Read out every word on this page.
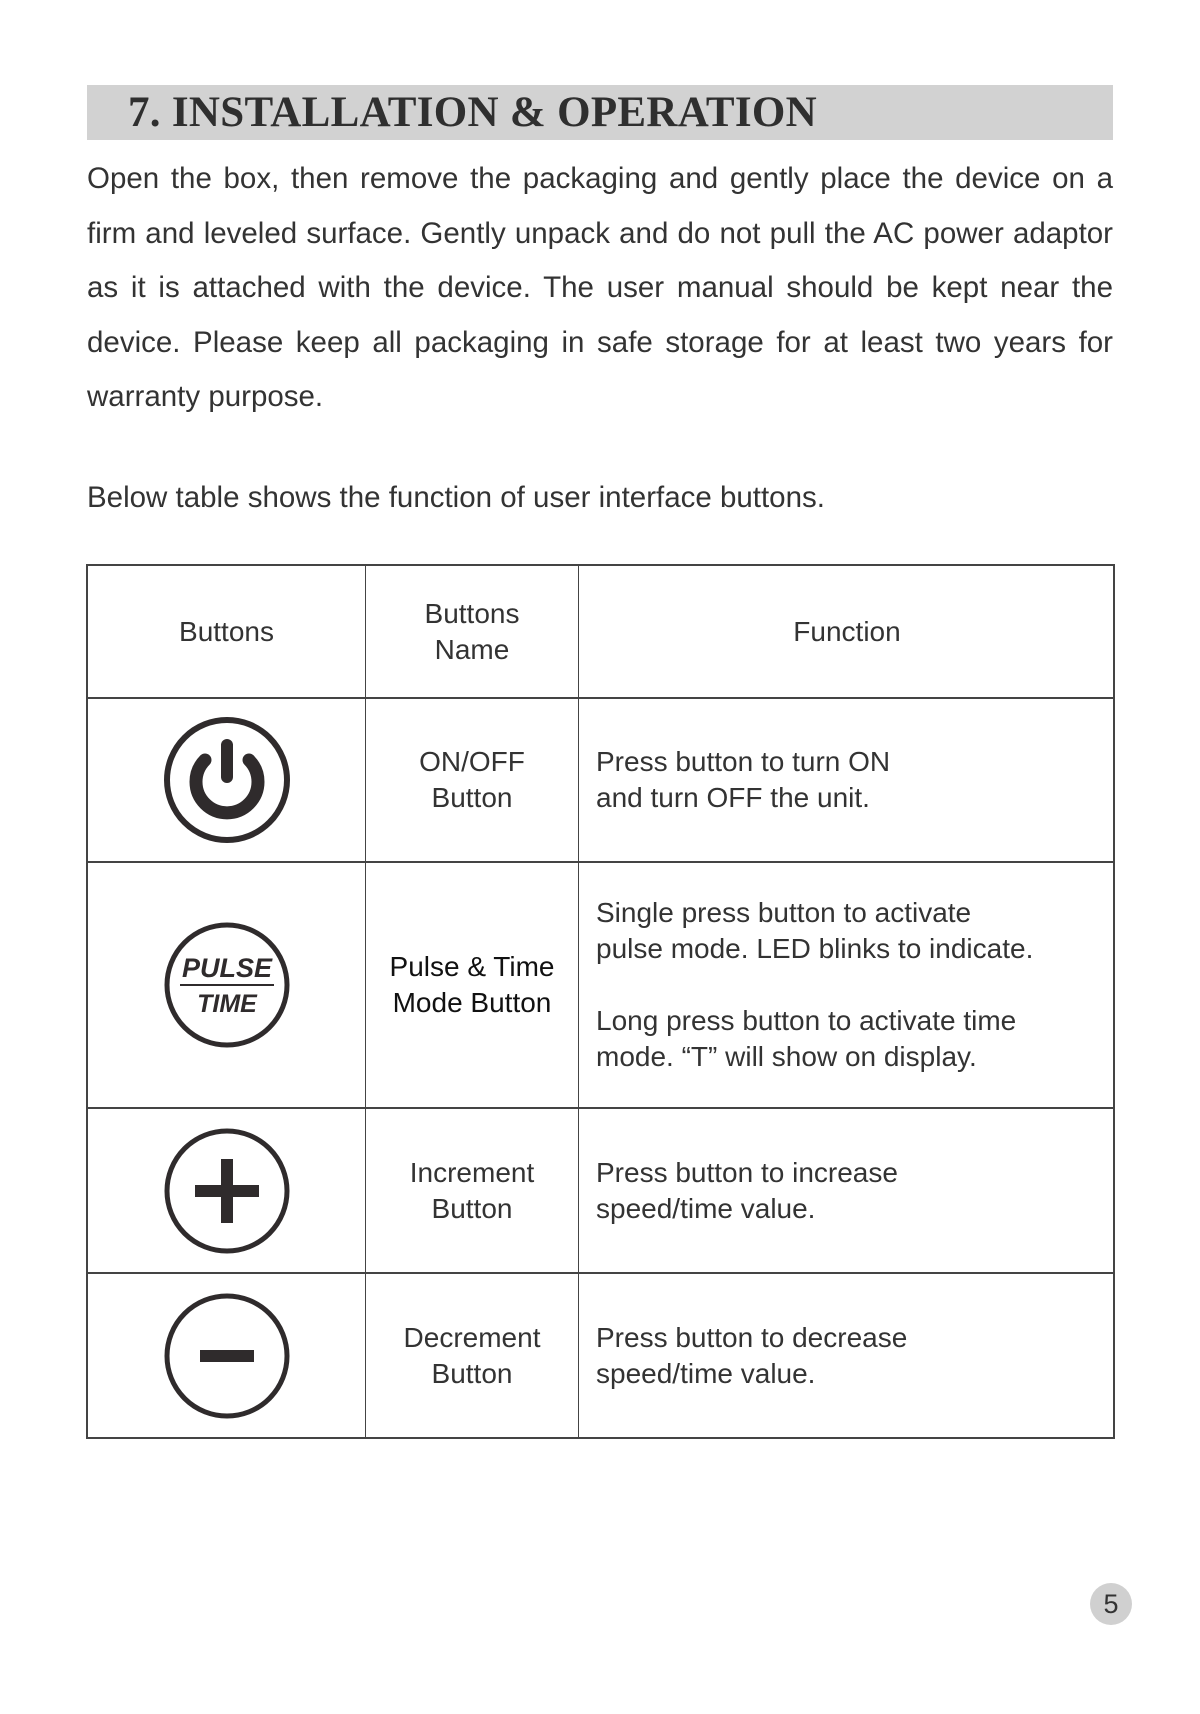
7. INSTALLATION & OPERATION
Open the box, then remove the packaging and gently place the device on a firm and leveled surface. Gently unpack and do not pull the AC power adaptor as it is attached with the device. The user manual should be kept near the device. Please keep all packaging in safe storage for at least two years for warranty purpose.
Below table shows the function of user interface buttons.
Buttons
Buttons
Name
Function
ON/OFF
Button
Press button to turn ON
and turn OFF the unit.
PULSE
TIME
Pulse & Time
Mode Button
Single press button to activate
pulse mode. LED blinks to indicate.
Long press button to activate time
mode. “T” will show on display.
Increment
Button
Press button to increase
speed/time value.
Decrement
Button
Press button to decrease
speed/time value.
5
